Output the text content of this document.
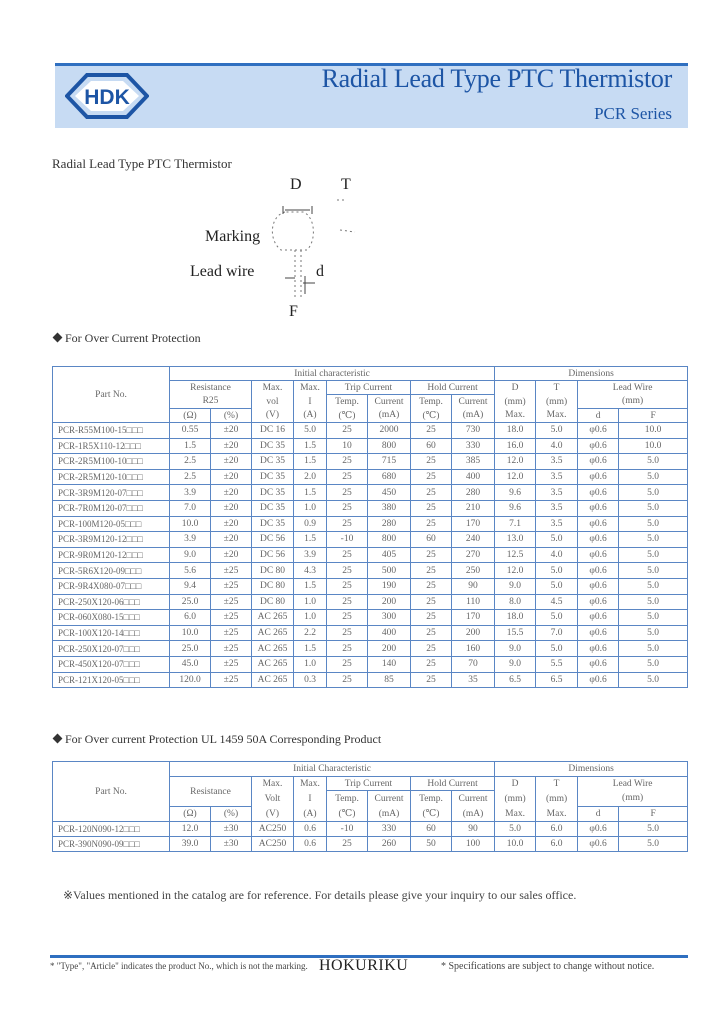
HDK
Radial Lead Type PTC Thermistor
PCR Series
Radial Lead Type PTC Thermistor
D T
Marking
Lead wire	d
F
For Over Current Protection
Part No.	Initial characteristic								Dimensions			
	Resistance		Max.	Max.	Trip Current		Hold Current		D	T	Lead Wire	
	R25		vol	I	Temp.	Current	Temp.	Current	(mm)	(mm)	(mm)	
	(Ω)	(%)	(V)	(A)	(℃)	(mA)	(℃)	(mA)	Max.	Max.	d	F
PCR-R55M100-15□□□	0.55	±20	DC 16	5.0	25	2000	25	730	18.0	5.0	φ0.6	10.0
PCR-1R5X110-12□□□	1.5	±20	DC 35	1.5	10	800	60	330	16.0	4.0	φ0.6	10.0
PCR-2R5M100-10□□□	2.5	±20	DC 35	1.5	25	715	25	385	12.0	3.5	φ0.6	5.0
PCR-2R5M120-10□□□	2.5	±20	DC 35	2.0	25	680	25	400	12.0	3.5	φ0.6	5.0
PCR-3R9M120-07□□□	3.9	±20	DC 35	1.5	25	450	25	280	9.6	3.5	φ0.6	5.0
PCR-7R0M120-07□□□	7.0	±20	DC 35	1.0	25	380	25	210	9.6	3.5	φ0.6	5.0
PCR-100M120-05□□□	10.0	±20	DC 35	0.9	25	280	25	170	7.1	3.5	φ0.6	5.0
PCR-3R9M120-12□□□	3.9	±20	DC 56	1.5	-10	800	60	240	13.0	5.0	φ0.6	5.0
PCR-9R0M120-12□□□	9.0	±20	DC 56	3.9	25	405	25	270	12.5	4.0	φ0.6	5.0
PCR-5R6X120-09□□□	5.6	±25	DC 80	4.3	25	500	25	250	12.0	5.0	φ0.6	5.0
PCR-9R4X080-07□□□	9.4	±25	DC 80	1.5	25	190	25	90	9.0	5.0	φ0.6	5.0
PCR-250X120-06□□□	25.0	±25	DC 80	1.0	25	200	25	110	8.0	4.5	φ0.6	5.0
PCR-060X080-15□□□	6.0	±25	AC 265	1.0	25	300	25	170	18.0	5.0	φ0.6	5.0
PCR-100X120-14□□□	10.0	±25	AC 265	2.2	25	400	25	200	15.5	7.0	φ0.6	5.0
PCR-250X120-07□□□	25.0	±25	AC 265	1.5	25	200	25	160	9.0	5.0	φ0.6	5.0
PCR-450X120-07□□□	45.0	±25	AC 265	1.0	25	140	25	70	9.0	5.5	φ0.6	5.0
PCR-121X120-05□□□	120.0	±25	AC 265	0.3	25	85	25	35	6.5	6.5	φ0.6	5.0
For Over current Protection UL 1459 50A Corresponding Product
Part No.	Initial Characteristic								Dimensions			
	Resistance		Max.	Max.	Trip Current		Hold Current		D	T	Lead Wire	
			Volt	I	Temp.	Current	Temp.	Current	(mm)	(mm)	(mm)	
	(Ω)	(%)	(V)	(A)	(℃)	(mA)	(℃)	(mA)	Max.	Max.	d	F
PCR-120N090-12□□□	12.0	±30	AC250	0.6	-10	330	60	90	5.0	6.0	φ0.6	5.0
PCR-390N090-09□□□	39.0	±30	AC250	0.6	25	260	50	100	10.0	6.0	φ0.6	5.0
※Values mentioned in the catalog are for reference. For details please give your inquiry to our sales office.
* "Type", "Article" indicates the product No., which is not the marking. HOKURIKU	* Specifications are subject to change without notice.
